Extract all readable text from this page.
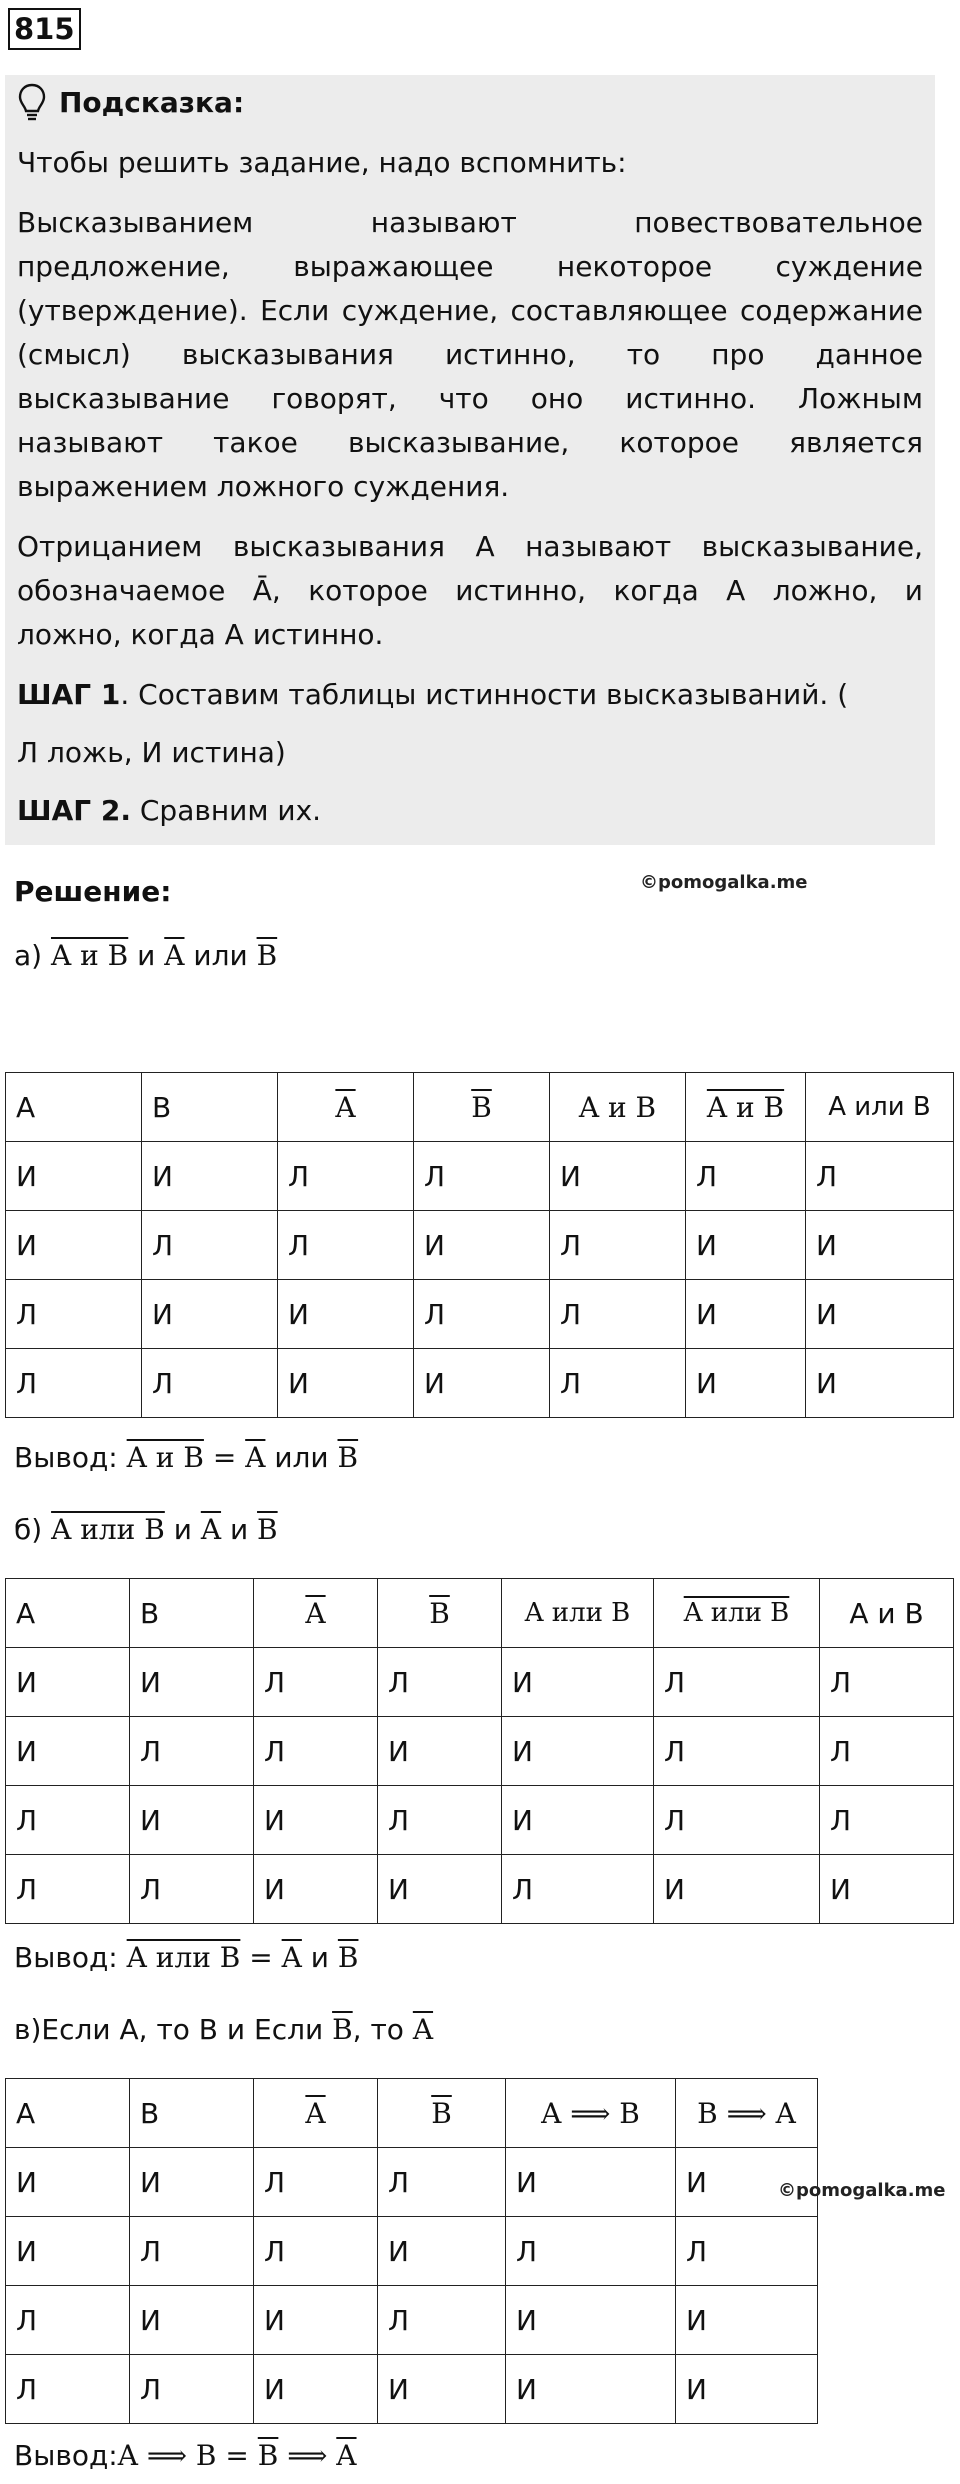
815

Подсказка:

Чтобы решить задание, надо вспомнить:

Высказыванием называют повествовательное

предложение, выражающее некоторое суждение

(утверждение). Если суждение, составляющее содержание

(смысл) высказывания истинно, то про данное

высказывание говорят, что оно истинно. Ложным

называют такое высказывание, которое является

выражением ложного суждения.

Отрицанием высказывания А называют высказывание,

обозначаемое Ā, которое истинно, когда А ложно, и

ложно, когда А истинно.

ШАГ 1. Составим таблицы истинности высказываний. (

Л ложь, И истина)

ШАГ 2. Сравним их.

Решение:	©pomogalka.me
а) A и B и $\overline{A}$ или $\overline{B}$
А	В	$\overline{A}$	$\overline{B}$	A и B	A и B	A или B
И	И	Л	Л	И	Л	Л
И	Л	Л	И	Л	И	И
Л	И	И	Л	Л	И	И
Л	Л	И	И	Л	И	И
Вывод: A и $B = \overline{A}$ или $\overline{B}$
б) A или B и $\overline{A}$ и $\overline{B}$
А	В	$\overline{A}$	$\overline{B}$	A или B	A или B	A и B
И	И	Л	Л	И	Л	Л
И	Л	Л	И	И	Л	Л
Л	И	И	Л	И	Л	Л
Л	Л	И	И	Л	И	И
Вывод: A или $B = \overline{A}$ и $\overline{B}$
в)Если А, то В и Если $\overline{B}$, то $\overline{A}$
А	В	$\overline{A}$	$\overline{B}$	A ⟹ B	B ⟹ A
И	И	Л	Л	И	И
И	Л	Л	И	Л	Л
Л	И	И	Л	И	И
Л	Л	И	И	И	И
©pomogalka.me
Вывод:A ⟹ $B = \overline{B}$ ⟹ $\overline{A}$
